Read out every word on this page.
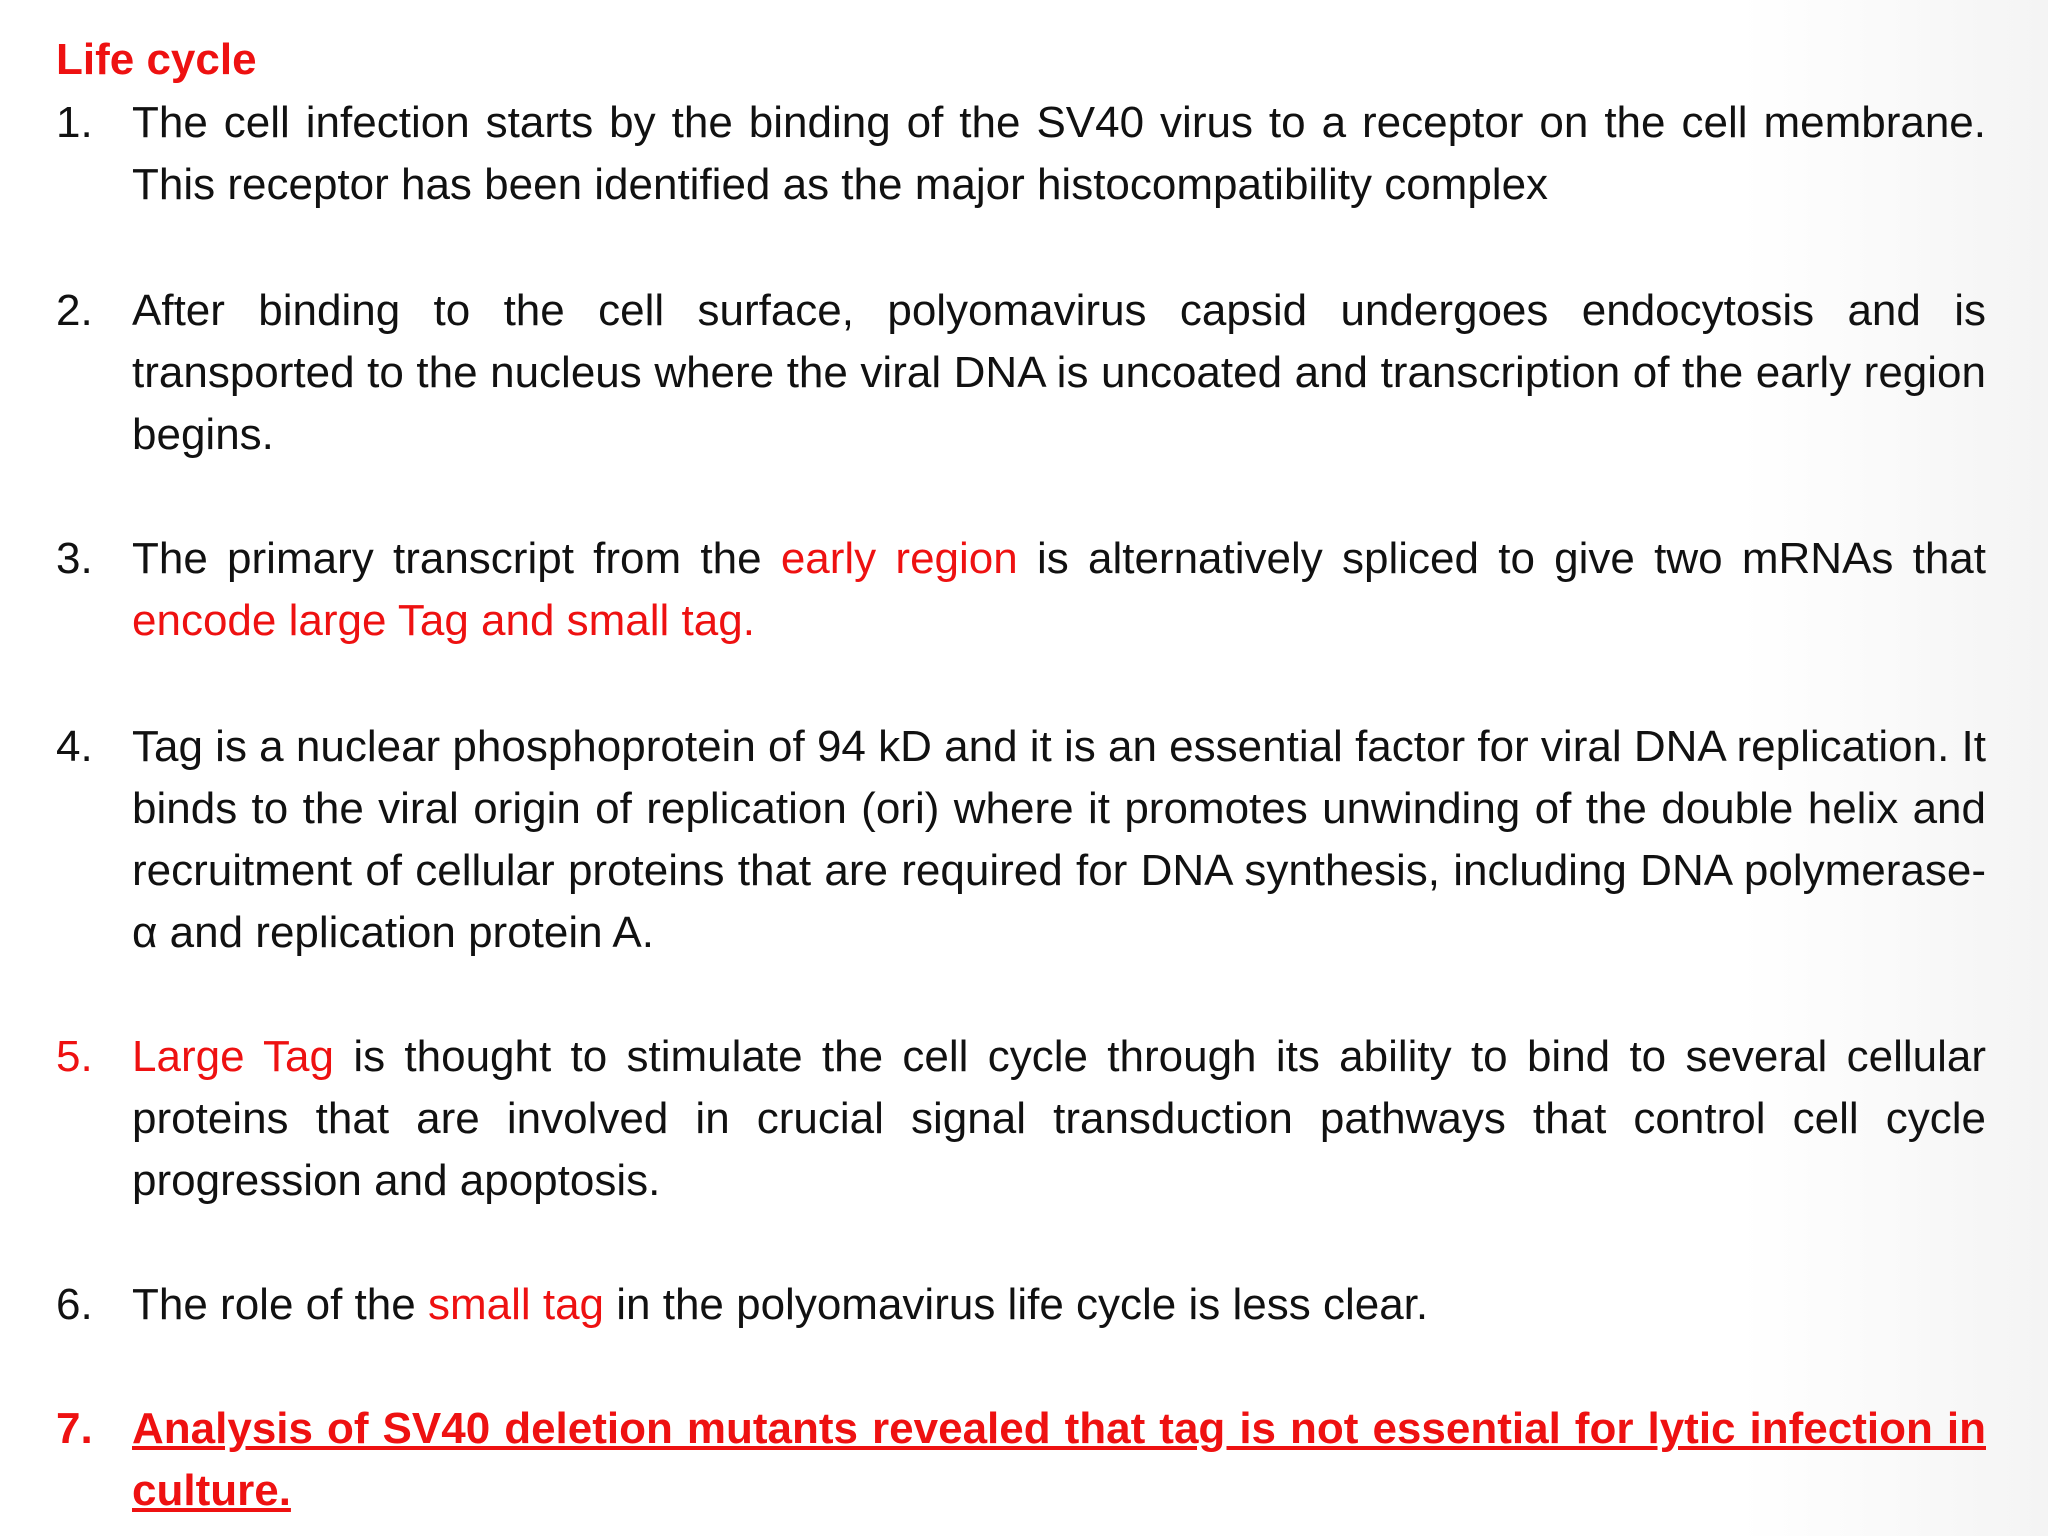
Life cycle
1. The cell infection starts by the binding of the SV40 virus to a receptor on the cell membrane. This receptor has been identified as the major histocompatibility complex
2. After binding to the cell surface, polyomavirus capsid undergoes endocytosis and is transported to the nucleus where the viral DNA is uncoated and transcription of the early region begins.
3. The primary transcript from the early region is alternatively spliced to give two mRNAs that encode large Tag and small tag.
4. Tag is a nuclear phosphoprotein of 94 kD and it is an essential factor for viral DNA replication. It binds to the viral origin of replication (ori) where it promotes unwinding of the double helix and recruitment of cellular proteins that are required for DNA synthesis, including DNA polymerase-α and replication protein A.
5. Large Tag is thought to stimulate the cell cycle through its ability to bind to several cellular proteins that are involved in crucial signal transduction pathways that control cell cycle progression and apoptosis.
6. The role of the small tag in the polyomavirus life cycle is less clear.
7. Analysis of SV40 deletion mutants revealed that tag is not essential for lytic infection in culture.
